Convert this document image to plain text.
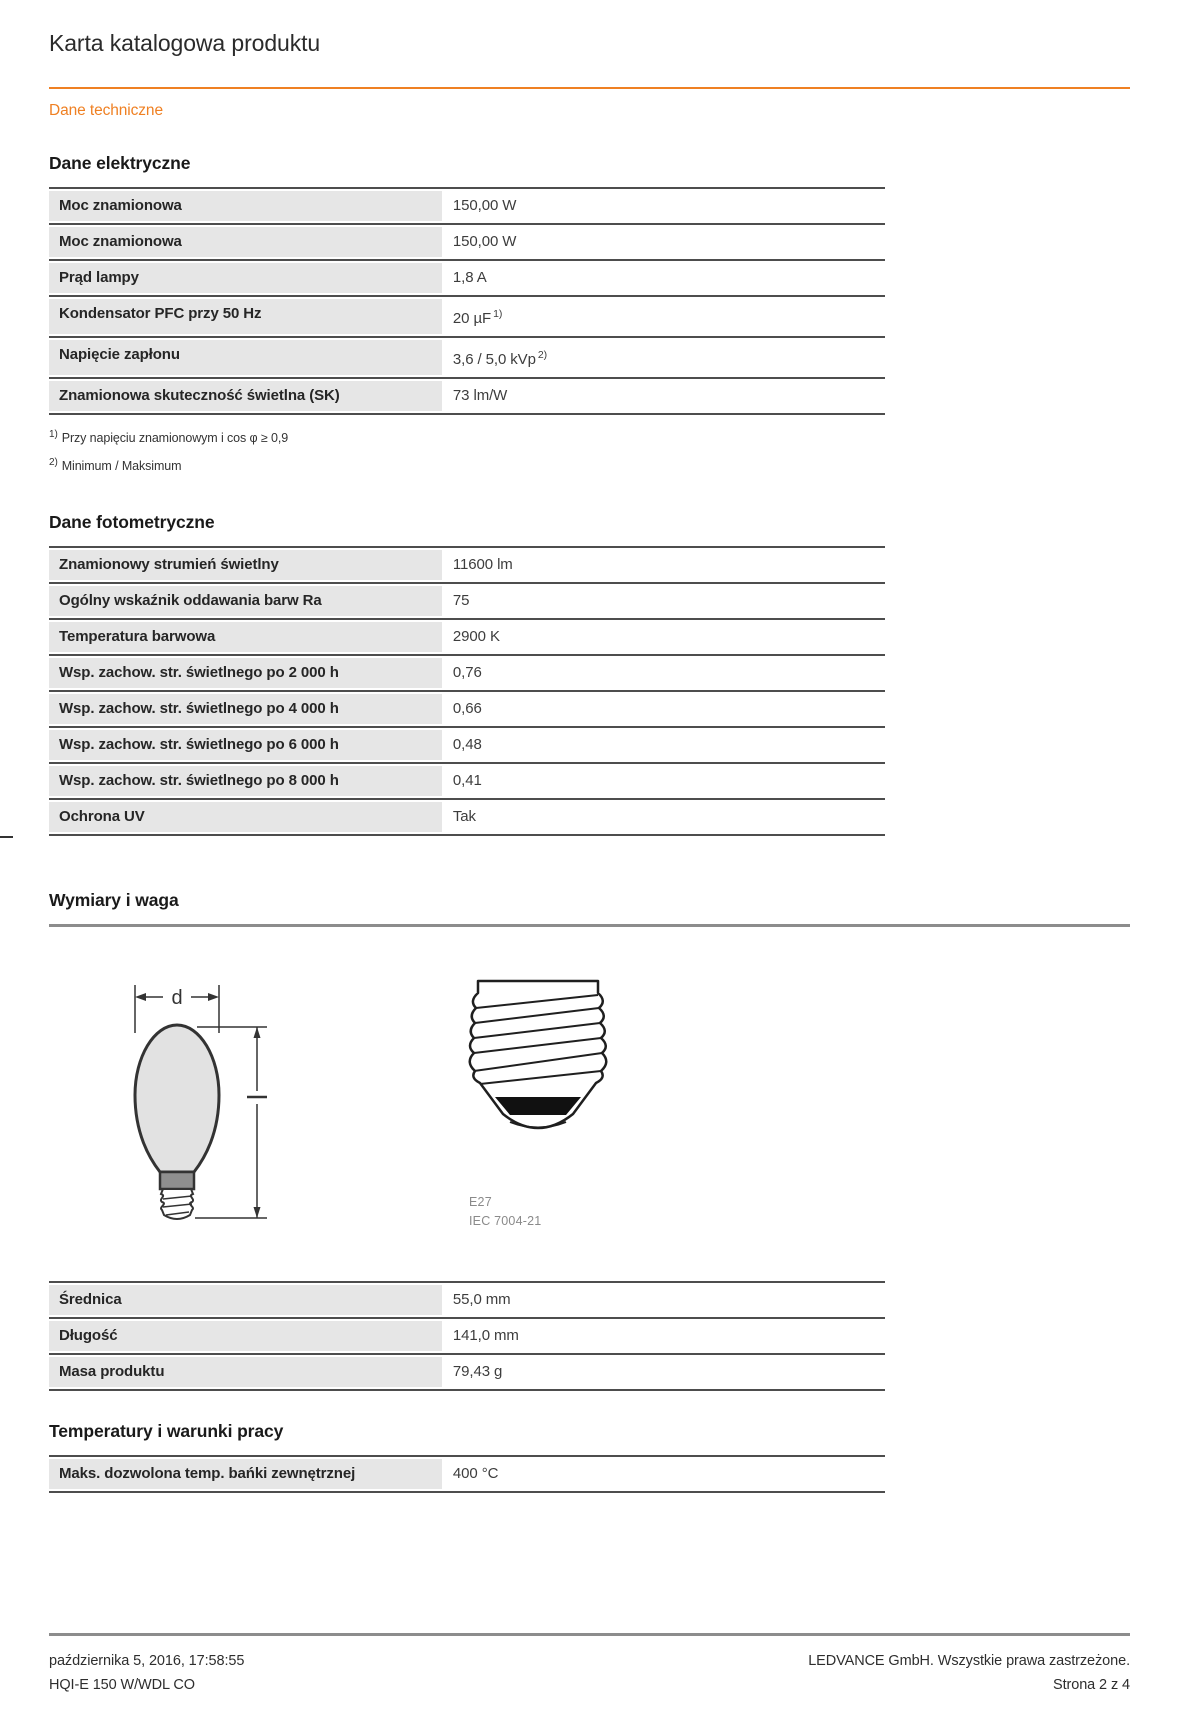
Karta katalogowa produktu
Dane techniczne
Dane elektryczne
Moc znamionowa	150,00 W
Moc znamionowa	150,00 W
Prąd lampy	1,8 A
Kondensator PFC przy 50 Hz	20 µF $^{1)}$
Napięcie zapłonu	3,6 / 5,0 kVp $^{2)}$
Znamionowa skuteczność świetlna (SK)	73 lm/W
$^{1)}$ Przy napięciu znamionowym i cos φ ≥ 0,9
$^{2)}$ Minimum / Maksimum
Dane fotometryczne
Znamionowy strumień świetlny	11600 lm
Ogólny wskaźnik oddawania barw Ra	75
Temperatura barwowa	2900 K
Wsp. zachow. str. świetlnego po 2 000 h	0,76
Wsp. zachow. str. świetlnego po 4 000 h	0,66
Wsp. zachow. str. świetlnego po 6 000 h	0,48
Wsp. zachow. str. świetlnego po 8 000 h	0,41
Ochrona UV	Tak
Wymiary i waga
d
E27
IEC 7004-21
Średnica	55,0 mm
Długość	141,0 mm
Masa produktu	79,43 g
Temperatury i warunki pracy
Maks. dozwolona temp. bańki zewnętrznej	400 °C
października 5, 2016, 17:58:55
HQI-E 150 W/WDL CO
LEDVANCE GmbH. Wszystkie prawa zastrzeżone.
Strona 2 z 4
